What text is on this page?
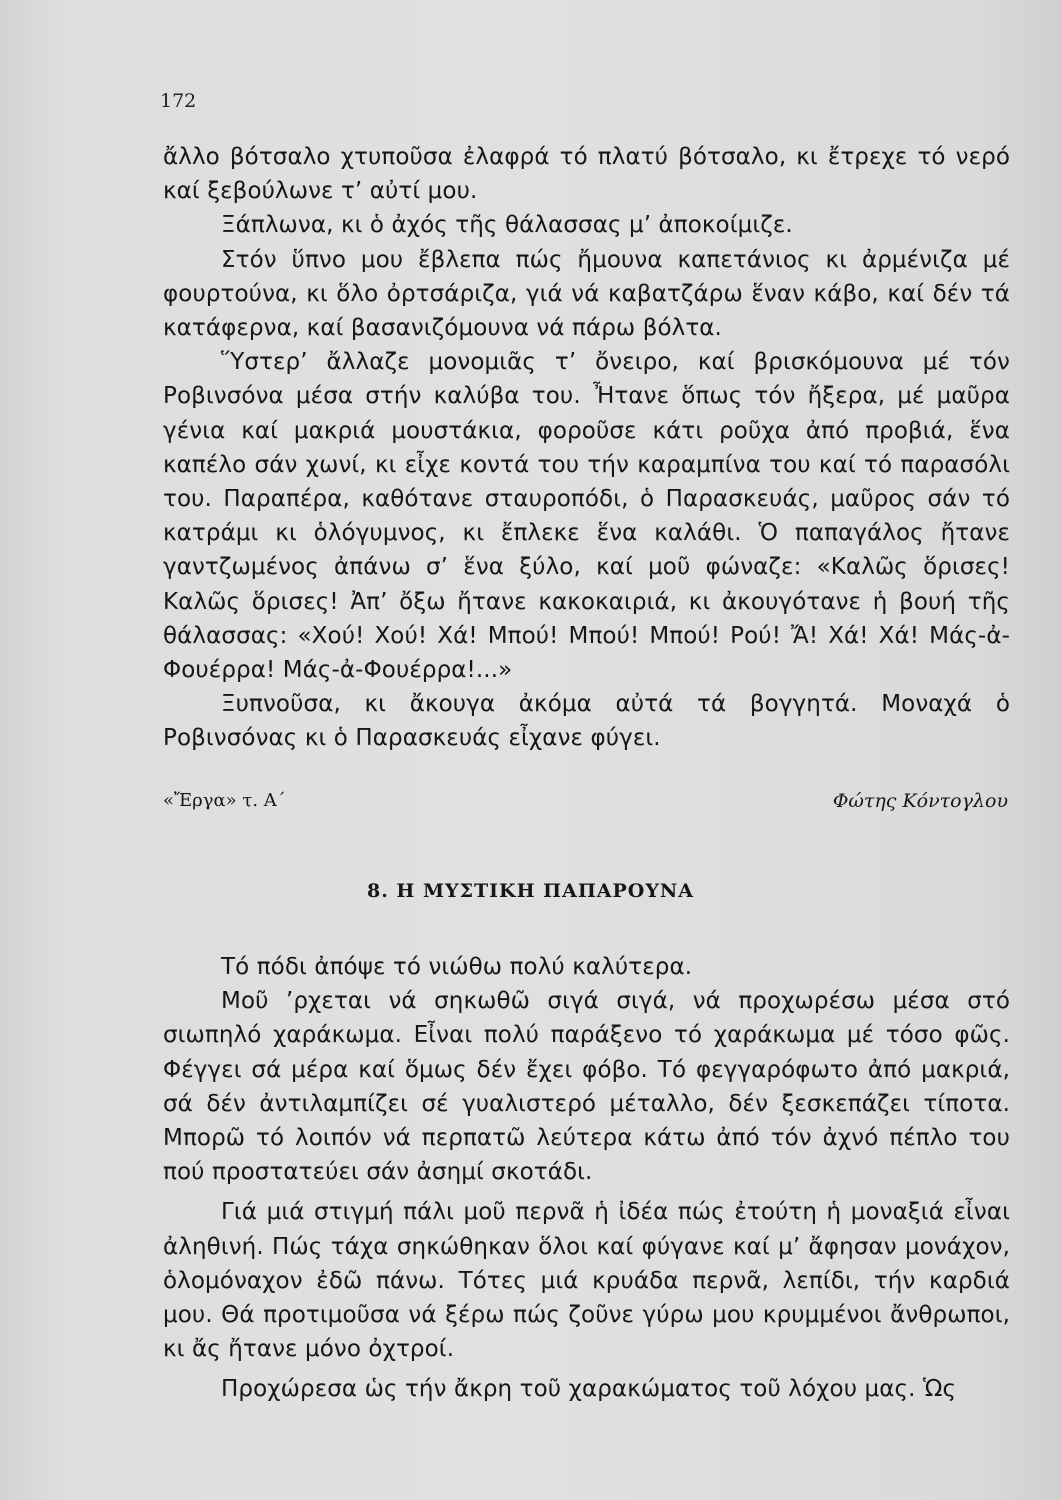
172

ἄλλο βότσαλο χτυποῦσα ἐλαφρά τό πλατύ βότσαλο, κι ἔτρεχε τό νερό καί ξεβούλωνε τ’ αὐτί μου.

Ξάπλωνα, κι ὁ ἀχός τῆς θάλασσας μ’ ἀποκοίμιζε.

Στόν ὕπνο μου ἔβλεπα πώς ἤμουνα καπετάνιος κι ἀρμένιζα μέ φουρτούνα, κι ὅλο ὀρτσάριζα, γιά νά καβατζάρω ἕναν κάβο, καί δέν τά κατάφερνα, καί βασανιζόμουνα νά πάρω βόλτα.

Ὕστερ’ ἄλλαζε μονομιᾶς τ’ ὄνειρο, καί βρισκόμουνα μέ τόν Ροβινσόνα μέσα στήν καλύβα του. Ἦτανε ὅπως τόν ἤξερα, μέ μαῦρα γένια καί μακριά μουστάκια, φοροῦσε κάτι ροῦχα ἀπό προβιά, ἕνα καπέλο σάν χωνί, κι εἶχε κοντά του τήν καραμπίνα του καί τό παρασόλι του. Παραπέρα, καθότανε σταυροπόδι, ὁ Παρασκευάς, μαῦρος σάν τό κατράμι κι ὁλόγυμνος, κι ἔπλεκε ἕνα καλάθι. Ὁ παπαγάλος ἤτανε γαντζωμένος ἀπάνω σ’ ἕνα ξύλο, καί μοῦ φώναζε: «Καλῶς ὅρισες! Καλῶς ὅρισες! Ἀπ’ ὄξω ἤτανε κακοκαιριά, κι ἀκουγότανε ἡ βουή τῆς θάλασσας: «Χού! Χού! Χά! Μπού! Μπού! Μπού! Ρού! Ἄ! Χά! Χά! Μάς-ἀ-Φουέρρα! Μάς-ἀ-Φουέρρα!...»

Ξυπνοῦσα, κι ἄκουγα ἀκόμα αὐτά τά βογγητά. Μοναχά ὁ Ροβινσόνας κι ὁ Παρασκευάς εἶχανε φύγει.

«Ἔργα» τ. Α΄	Φώτης Κόντογλου
8. Η ΜΥΣΤΙΚΗ ΠΑΠΑΡΟΥΝΑ

Τό πόδι ἀπόψε τό νιώθω πολύ καλύτερα.

Μοῦ ’ρχεται νά σηκωθῶ σιγά σιγά, νά προχωρέσω μέσα στό σιωπηλό χαράκωμα. Εἶναι πολύ παράξενο τό χαράκωμα μέ τόσο φῶς. Φέγγει σά μέρα καί ὅμως δέν ἔχει φόβο. Τό φεγγαρόφωτο ἀπό μακριά, σά δέν ἀντιλαμπίζει σέ γυαλιστερό μέταλλο, δέν ξεσκεπάζει τίποτα. Μπορῶ τό λοιπόν νά περπατῶ λεύτερα κάτω ἀπό τόν ἀχνό πέπλο του πού προστατεύει σάν ἀσημί σκοτάδι.

Γιά μιά στιγμή πάλι μοῦ περνᾶ ἡ ἰδέα πώς ἐτούτη ἡ μοναξιά εἶναι ἀληθινή. Πώς τάχα σηκώθηκαν ὅλοι καί φύγανε καί μ’ ἄφησαν μονάχον, ὁλομόναχον ἐδῶ πάνω. Τότες μιά κρυάδα περνᾶ, λεπίδι, τήν καρδιά μου. Θά προτιμοῦσα νά ξέρω πώς ζοῦνε γύρω μου κρυμμένοι ἄνθρωποι, κι ἄς ἤτανε μόνο ὀχτροί.

Προχώρεσα ὡς τήν ἄκρη τοῦ χαρακώματος τοῦ λόχου μας. Ὡς
